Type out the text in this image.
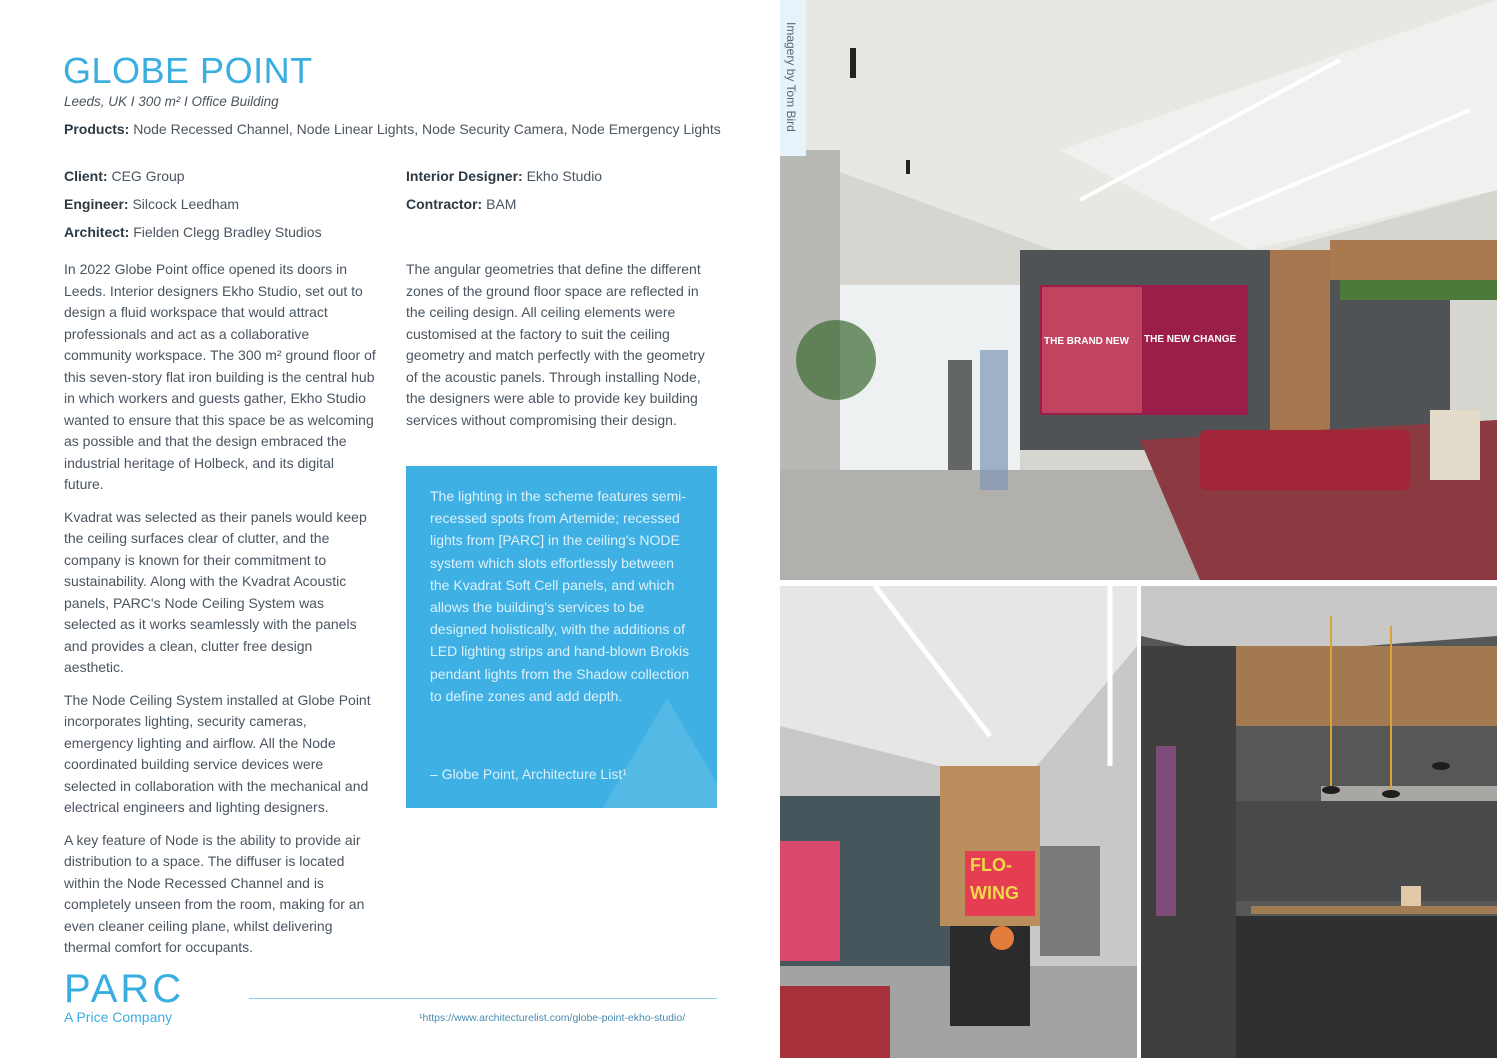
GLOBE POINT
Leeds, UK I 300 m² I Office Building
Products: Node Recessed Channel, Node Linear Lights, Node Security Camera, Node Emergency Lights
Client: CEG Group
Engineer: Silcock Leedham
Architect: Fielden Clegg Bradley Studios
Interior Designer: Ekho Studio
Contractor: BAM

In 2022 Globe Point office opened its doors in Leeds. Interior designers Ekho Studio, set out to design a fluid workspace that would attract professionals and act as a collaborative community workspace. The 300 m² ground floor of this seven-story flat iron building is the central hub in which workers and guests gather, Ekho Studio wanted to ensure that this space be as welcoming as possible and that the design embraced the industrial heritage of Holbeck, and its digital future.

Kvadrat was selected as their panels would keep the ceiling surfaces clear of clutter, and the company is known for their commitment to sustainability. Along with the Kvadrat Acoustic panels, PARC's Node Ceiling System was selected as it works seamlessly with the panels and provides a clean, clutter free design aesthetic.

The Node Ceiling System installed at Globe Point incorporates lighting, security cameras, emergency lighting and airflow. All the Node coordinated building service devices were selected in collaboration with the mechanical and electrical engineers and lighting designers.

A key feature of Node is the ability to provide air distribution to a space. The diffuser is located within the Node Recessed Channel and is completely unseen from the room, making for an even cleaner ceiling plane, whilst delivering thermal comfort for occupants.

The angular geometries that define the different zones of the ground floor space are reflected in the ceiling design. All ceiling elements were customised at the factory to suit the ceiling geometry and match perfectly with the geometry of the acoustic panels. Through installing Node, the designers were able to provide key building services without compromising their design.

The lighting in the scheme features semi-recessed spots from Artemide; recessed lights from [PARC] in the ceiling's NODE system which slots effortlessly between the Kvadrat Soft Cell panels, and which allows the building's services to be designed holistically, with the additions of LED lighting strips and hand-blown Brokis pendant lights from the Shadow collection to define zones and add depth.
– Globe Point, Architecture List¹
PARC
A Price Company	¹https://www.architecturelist.com/globe-point-ekho-studio/
THE BRAND NEW THE NEW CHANGE
Imagery by Tom Bird
FLO-
WING
